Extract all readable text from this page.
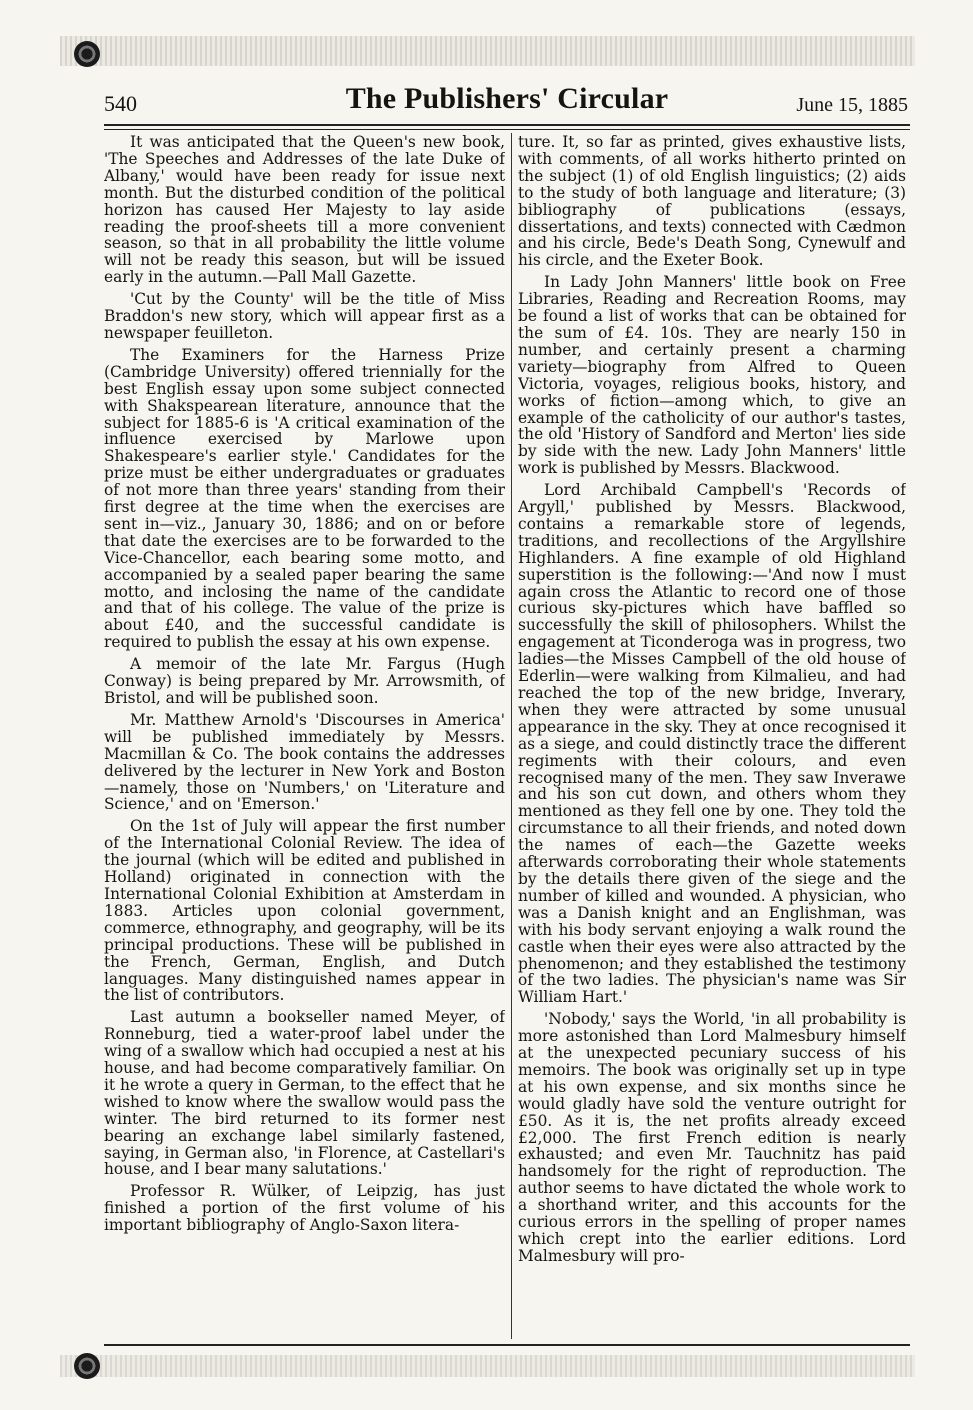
540	The Publishers' Circular	June 15, 1885

It was anticipated that the Queen's new book, 'The Speeches and Addresses of the late Duke of Albany,' would have been ready for issue next month. But the disturbed condition of the political horizon has caused Her Majesty to lay aside reading the proof-sheets till a more convenient season, so that in all probability the little volume will not be ready this season, but will be issued early in the autumn.—Pall Mall Gazette.

'Cut by the County' will be the title of Miss Braddon's new story, which will appear first as a newspaper feuilleton.

The Examiners for the Harness Prize (Cambridge University) offered triennially for the best English essay upon some subject connected with Shakspearean literature, announce that the subject for 1885-6 is 'A critical examination of the influence exercised by Marlowe upon Shakespeare's earlier style.' Candidates for the prize must be either undergraduates or graduates of not more than three years' standing from their first degree at the time when the exercises are sent in—viz., January 30, 1886; and on or before that date the exercises are to be forwarded to the Vice-Chancellor, each bearing some motto, and accompanied by a sealed paper bearing the same motto, and inclosing the name of the candidate and that of his college. The value of the prize is about £40, and the successful candidate is required to publish the essay at his own expense.

A memoir of the late Mr. Fargus (Hugh Conway) is being prepared by Mr. Arrowsmith, of Bristol, and will be published soon.

Mr. Matthew Arnold's 'Discourses in America' will be published immediately by Messrs. Macmillan & Co. The book contains the addresses delivered by the lecturer in New York and Boston—namely, those on 'Numbers,' on 'Literature and Science,' and on 'Emerson.'

On the 1st of July will appear the first number of the International Colonial Review. The idea of the journal (which will be edited and published in Holland) originated in connection with the International Colonial Exhibition at Amsterdam in 1883. Articles upon colonial government, commerce, ethnography, and geography, will be its principal productions. These will be published in the French, German, English, and Dutch languages. Many distinguished names appear in the list of contributors.

Last autumn a bookseller named Meyer, of Ronneburg, tied a water-proof label under the wing of a swallow which had occupied a nest at his house, and had become comparatively familiar. On it he wrote a query in German, to the effect that he wished to know where the swallow would pass the winter. The bird returned to its former nest bearing an exchange label similarly fastened, saying, in German also, 'in Florence, at Castellari's house, and I bear many salutations.'

Professor R. Wülker, of Leipzig, has just finished a portion of the first volume of his important bibliography of Anglo-Saxon litera-

ture. It, so far as printed, gives exhaustive lists, with comments, of all works hitherto printed on the subject (1) of old English linguistics; (2) aids to the study of both language and literature; (3) bibliography of publications (essays, dissertations, and texts) connected with Cædmon and his circle, Bede's Death Song, Cynewulf and his circle, and the Exeter Book.

In Lady John Manners' little book on Free Libraries, Reading and Recreation Rooms, may be found a list of works that can be obtained for the sum of £4. 10s. They are nearly 150 in number, and certainly present a charming variety—biography from Alfred to Queen Victoria, voyages, religious books, history, and works of fiction—among which, to give an example of the catholicity of our author's tastes, the old 'History of Sandford and Merton' lies side by side with the new. Lady John Manners' little work is published by Messrs. Blackwood.

Lord Archibald Campbell's 'Records of Argyll,' published by Messrs. Blackwood, contains a remarkable store of legends, traditions, and recollections of the Argyllshire Highlanders. A fine example of old Highland superstition is the following:—'And now I must again cross the Atlantic to record one of those curious sky-pictures which have baffled so successfully the skill of philosophers. Whilst the engagement at Ticonderoga was in progress, two ladies—the Misses Campbell of the old house of Ederlin—were walking from Kilmalieu, and had reached the top of the new bridge, Inverary, when they were attracted by some unusual appearance in the sky. They at once recognised it as a siege, and could distinctly trace the different regiments with their colours, and even recognised many of the men. They saw Inverawe and his son cut down, and others whom they mentioned as they fell one by one. They told the circumstance to all their friends, and noted down the names of each—the Gazette weeks afterwards corroborating their whole statements by the details there given of the siege and the number of killed and wounded. A physician, who was a Danish knight and an Englishman, was with his body servant enjoying a walk round the castle when their eyes were also attracted by the phenomenon; and they established the testimony of the two ladies. The physician's name was Sir William Hart.'

'Nobody,' says the World, 'in all probability is more astonished than Lord Malmesbury himself at the unexpected pecuniary success of his memoirs. The book was originally set up in type at his own expense, and six months since he would gladly have sold the venture outright for £50. As it is, the net profits already exceed £2,000. The first French edition is nearly exhausted; and even Mr. Tauchnitz has paid handsomely for the right of reproduction. The author seems to have dictated the whole work to a shorthand writer, and this accounts for the curious errors in the spelling of proper names which crept into the earlier editions. Lord Malmesbury will pro-
